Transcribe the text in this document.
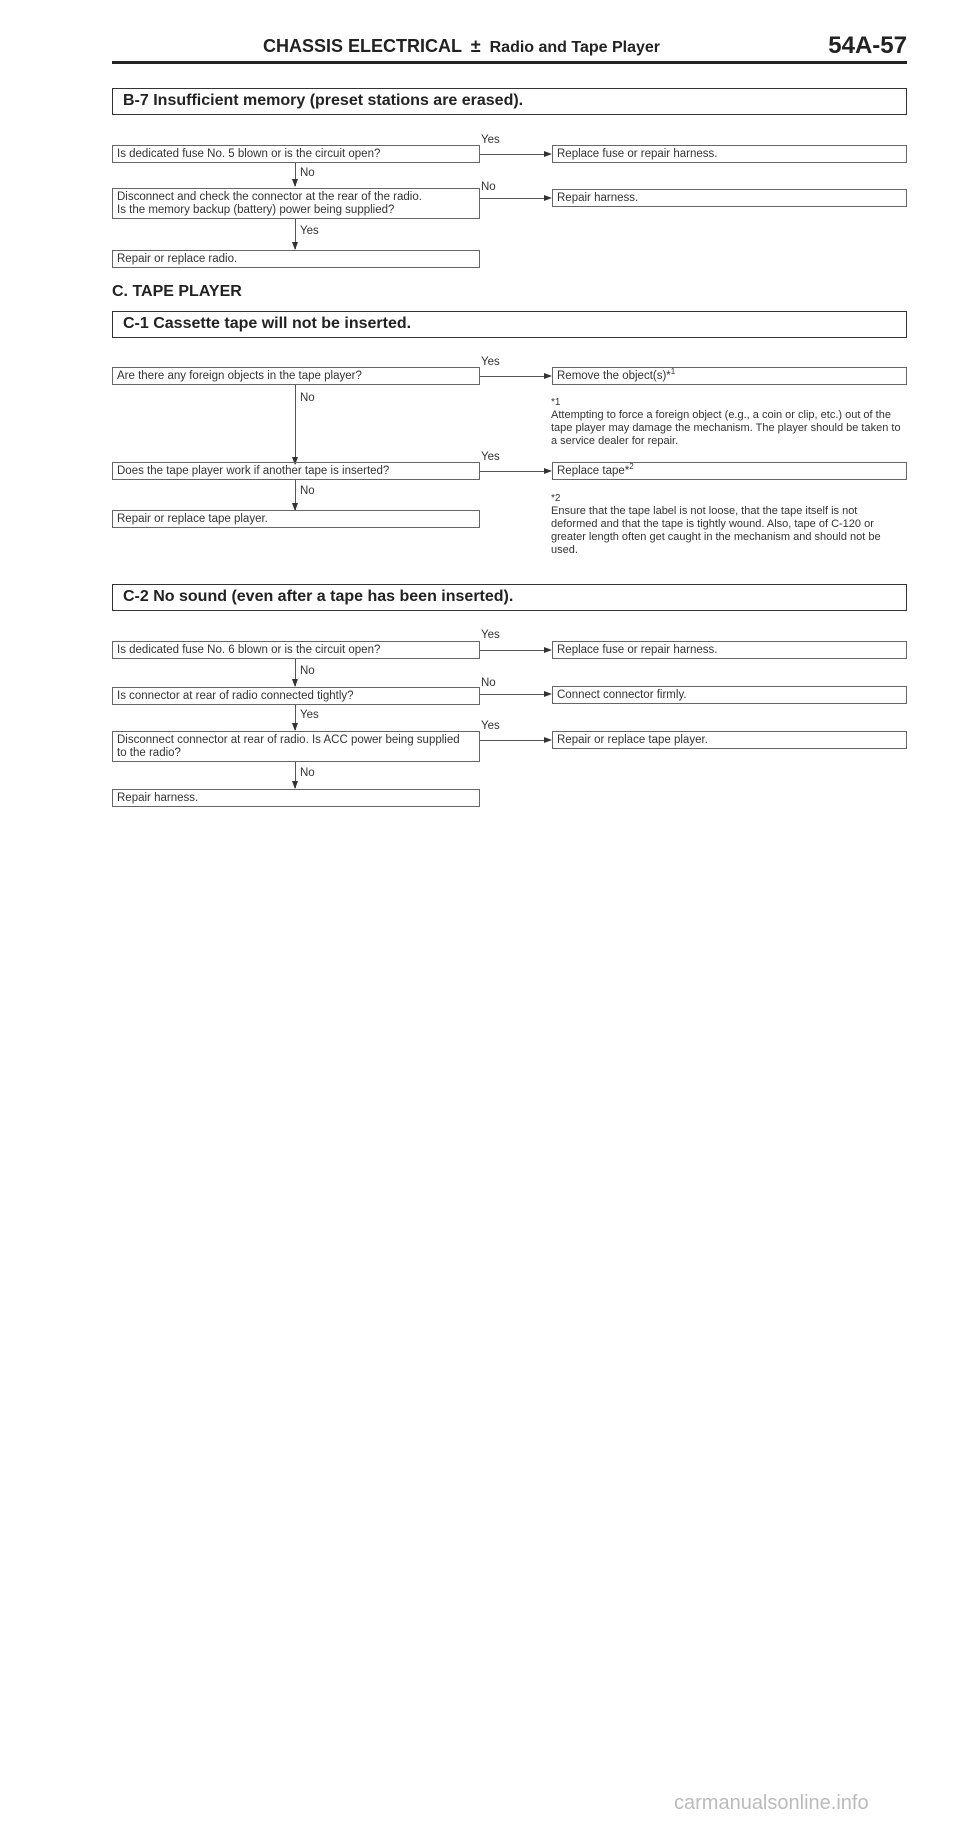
CHASSIS ELECTRICAL ± Radio and Tape Player	54A-57
B-7 Insufficient memory (preset stations are erased).
Yes
Is dedicated fuse No. 5 blown or is the circuit open?	Replace fuse or repair harness.
No
No
Disconnect and check the connector at the rear of the radio.
Is the memory backup (battery) power being supplied?
Repair harness.
Yes
Repair or replace radio.
C. TAPE PLAYER
C-1 Cassette tape will not be inserted.
Yes
Are there any foreign objects in the tape player?	Remove the object(s)*$^1$
No	*1
Attempting to force a foreign object (e.g., a coin or clip, etc.) out of the tape player may damage the mechanism. The player should be taken to a service dealer for repair.
Yes
Does the tape player work if another tape is inserted?	Replace tape*$^2$
No
Repair or replace tape player.
*2
Ensure that the tape label is not loose, that the tape itself is not deformed and that the tape is tightly wound. Also, tape of C-120 or greater length often get caught in the mechanism and should not be used.
C-2 No sound (even after a tape has been inserted).
Yes
Is dedicated fuse No. 6 blown or is the circuit open?	Replace fuse or repair harness.
No
No
Is connector at rear of radio connected tightly?	Connect connector firmly.
Yes
Yes
Disconnect connector at rear of radio. Is ACC power being supplied
to the radio?
Repair or replace tape player.
No
Repair harness.
carmanualsonline.info
